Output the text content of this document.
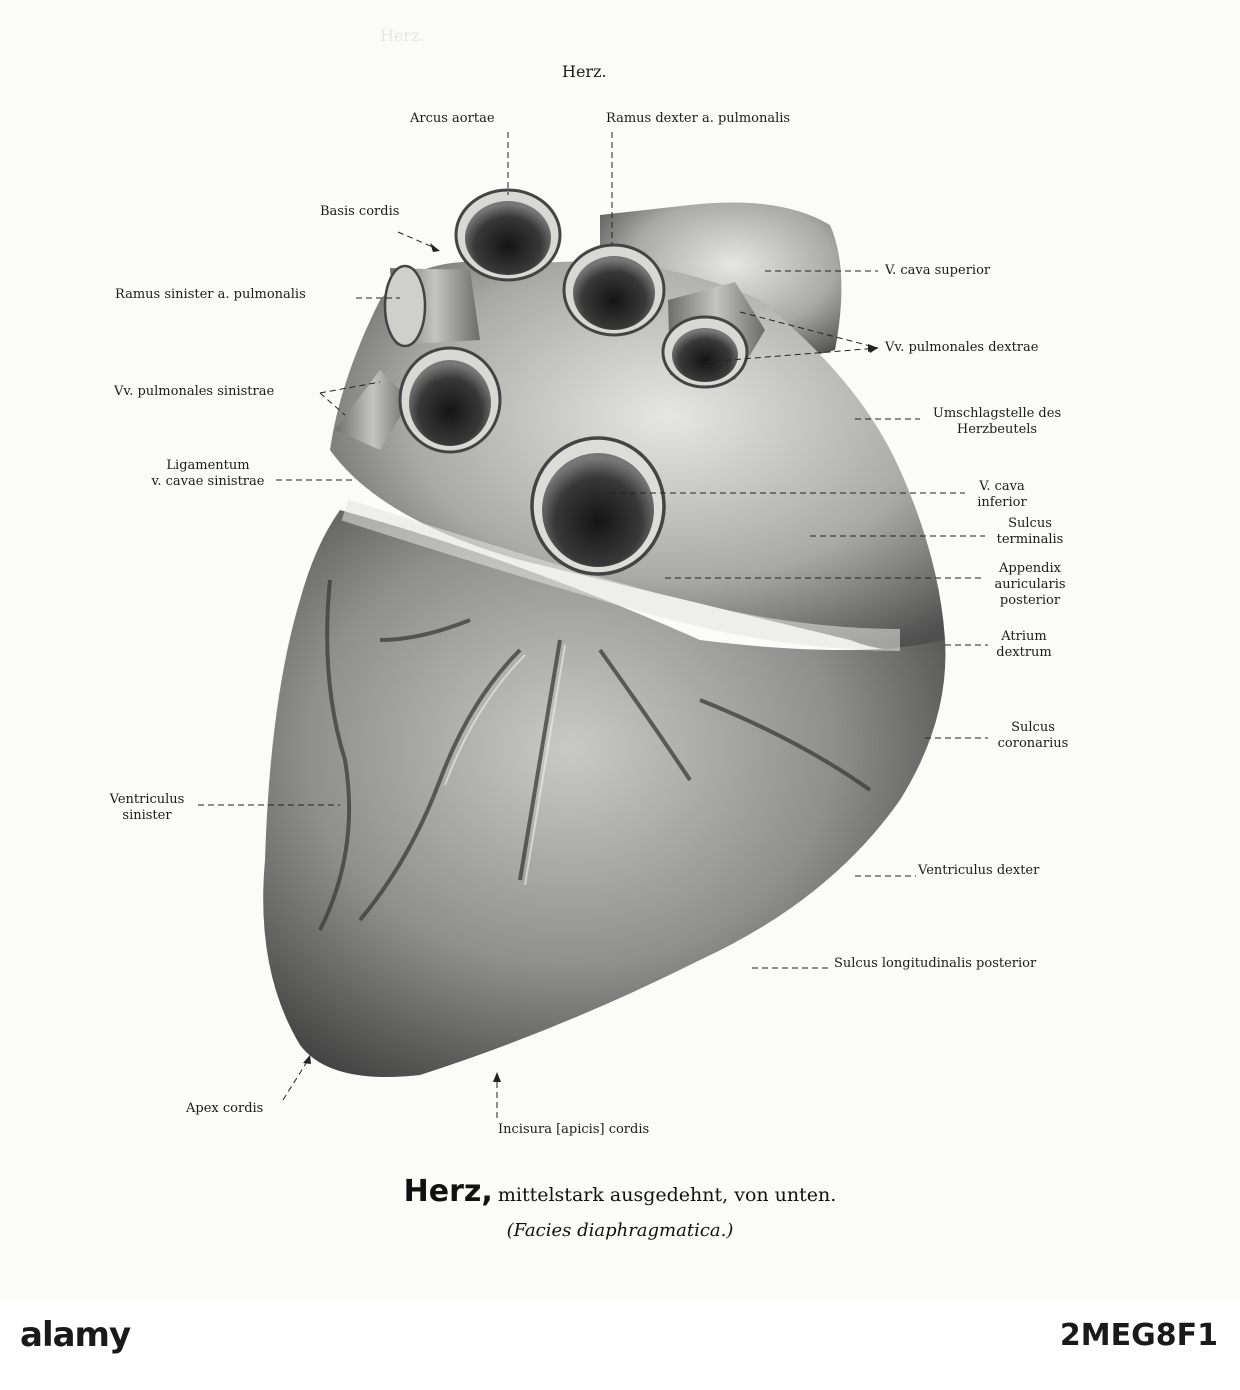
Herz.
Herz.
Arcus aortae	Ramus dexter a. pulmonalis
Basis cordis
Ramus sinister a. pulmonalis
V. cava superior
Vv. pulmonales dextrae
Vv. pulmonales sinistrae
Umschlagstelle des
Herzbeutels
Ligamentum
v. cavae sinistrae	V. cava
inferior
Sulcus
terminalis
Appendix
auricularis
posterior
Atrium
dextrum
Sulcus
coronarius
Ventriculus
sinister
Ventriculus dexter
Sulcus longitudinalis posterior
Apex cordis
Incisura [apicis] cordis
Herz, mittelstark ausgedehnt, von unten.
(Facies diaphragmatica.)
alamy	2MEG8F1
